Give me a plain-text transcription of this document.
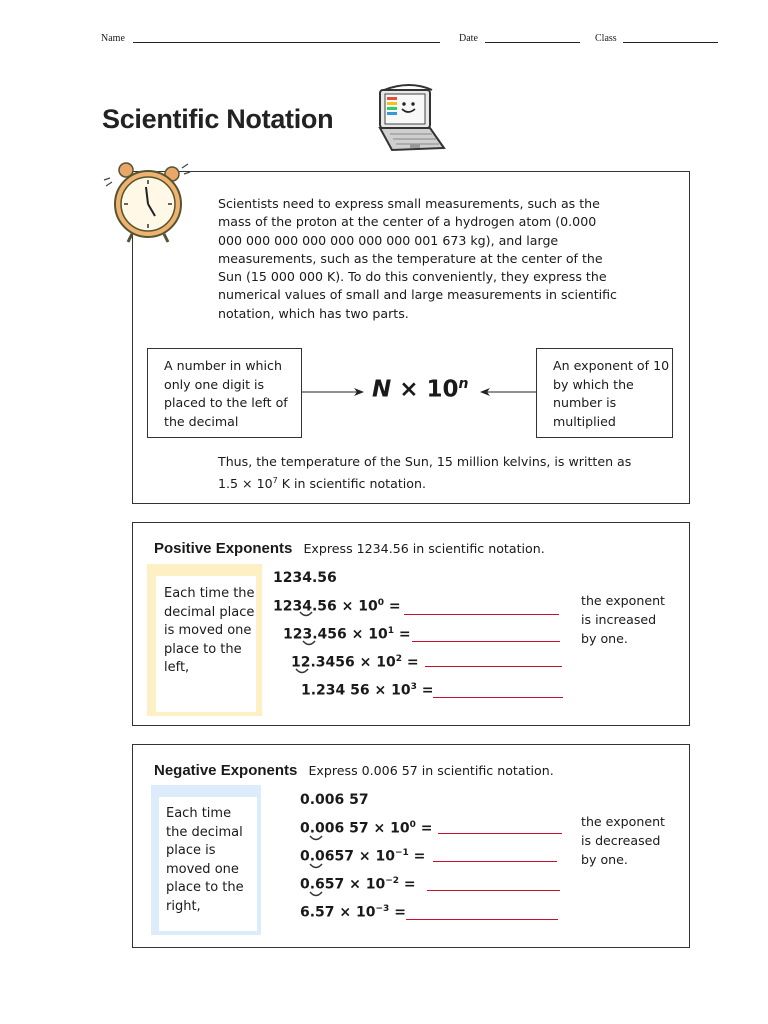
Name	Date	Class
Scientific Notation
Scientists need to express small measurements, such as the mass of the proton at the center of a hydrogen atom (0.000 000 000 000 000 000 000 000 001 673 kg), and large measurements, such as the temperature at the center of the Sun (15 000 000 K). To do this conveniently, they express the numerical values of small and large measurements in scientific notation, which has two parts.
A number in which only one digit is placed to the left of the decimal
An exponent of 10 by which the number is multiplied
$N \times 10^n$
Thus, the temperature of the Sun, 15 million kelvins, is written as $1.5 \times 10^7$ K in scientific notation.
Positive Exponents Express 1234.56 in scientific notation.
Each time the decimal place is moved one place to the left,
1234.56
$1234.56 \times 10^0$ =
$123.456 \times 10^1$ =
$12.3456 \times 10^2$ =
1.234 $56 \times 10^3$ =
the exponent is increased by one.
Negative Exponents Express 0.006 57 in scientific notation.
Each time the decimal place is moved one place to the right,
0.006 57
0.006 $57 \times 10^0$ =
$0.0657 \times 10^{-1}$ =
$0.657 \times 10^{-2}$ =
$6.57 \times 10^{-3}$ =
the exponent is decreased by one.
